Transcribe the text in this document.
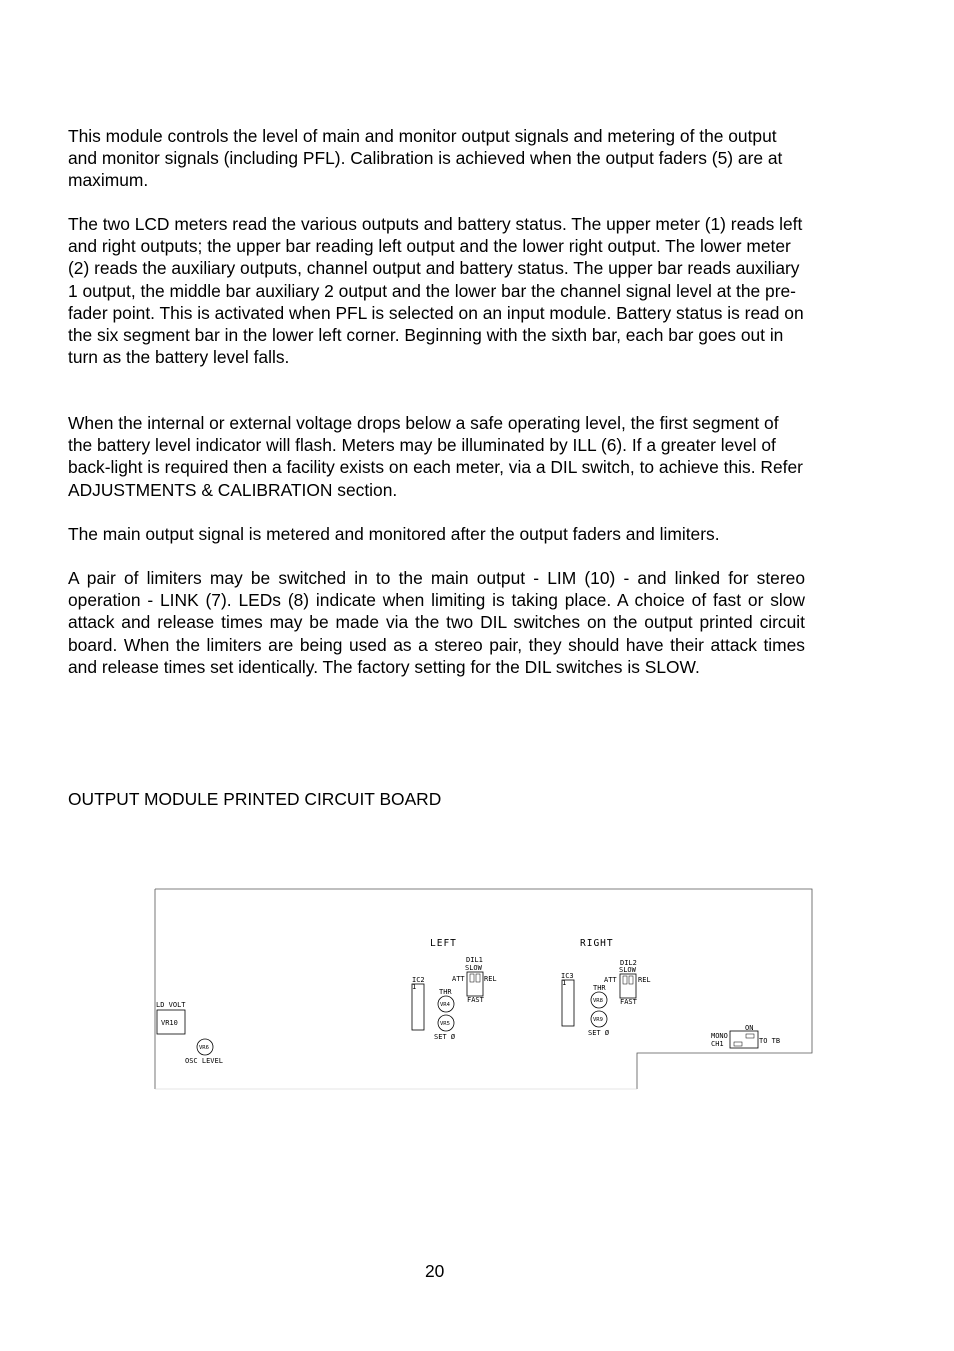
This module controls the level of main and monitor output signals and metering of the output and monitor signals (including PFL). Calibration is achieved when the output faders (5) are at maximum.

The two LCD meters read the various outputs and battery status. The upper meter (1) reads left and right outputs; the upper bar reading left output and the lower right output. The lower meter (2) reads the auxiliary outputs, channel output and battery status. The upper bar reads auxiliary 1 output, the middle bar auxiliary 2 output and the lower bar the channel signal level at the pre-fader point. This is activated when PFL is selected on an input module. Battery status is read on the six segment bar in the lower left corner. Beginning with the sixth bar, each bar goes out in turn as the battery level falls.

When the internal or external voltage drops below a safe operating level, the first segment of the battery level indicator will flash. Meters may be illuminated by ILL (6). If a greater level of back-light is required then a facility exists on each meter, via a DIL switch, to achieve this. Refer ADJUSTMENTS & CALIBRATION section.

The main output signal is metered and monitored after the output faders and limiters.

A pair of limiters may be switched in to the main output - LIM (10) - and linked for stereo operation - LINK (7). LEDs (8) indicate when limiting is taking place. A choice of fast or slow attack and release times may be made via the two DIL switches on the output printed circuit board. When the limiters are being used as a stereo pair, they should have their attack times and release times set identically. The factory setting for the DIL switches is SLOW.

OUTPUT MODULE PRINTED CIRCUIT BOARD
LEFT	RIGHT
LD VOLT
VR10
VR6
OSC LEVEL
IC2
1
THR
VR4
VR5
SET Ø
DIL1
SLOW
ATT	REL
FAST
IC3
1
THR
VR8
VR9
SET Ø
DIL2
SLOW
ATT	REL
FAST
ON
MONO
CH1	TO TB
20
